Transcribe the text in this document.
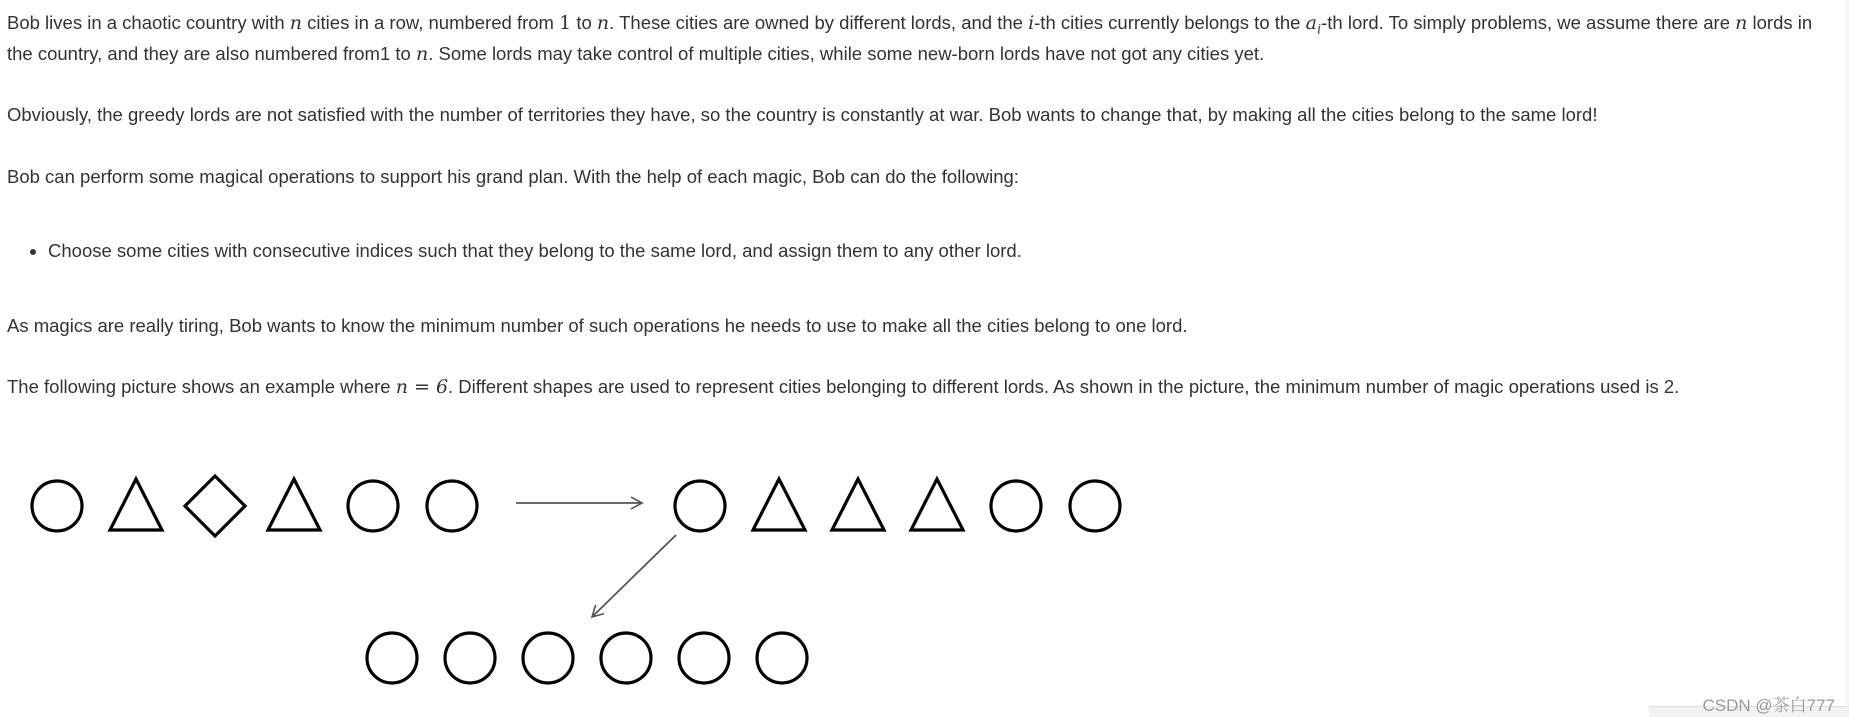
Bob lives in a chaotic country with n cities in a row, numbered from 1 to n. These cities are owned by different lords, and the i-th cities currently belongs to the $a_i-th$ lord. To simply problems, we assume there are n lords in the country, and they are also numbered from1 to n. Some lords may take control of multiple cities, while some new-born lords have not got any cities yet.

Obviously, the greedy lords are not satisfied with the number of territories they have, so the country is constantly at war. Bob wants to change that, by making all the cities belong to the same lord!

Bob can perform some magical operations to support his grand plan. With the help of each magic, Bob can do the following:

• Choose some cities with consecutive indices such that they belong to the same lord, and assign them to any other lord.

As magics are really tiring, Bob wants to know the minimum number of such operations he needs to use to make all the cities belong to one lord.

The following picture shows an example where n = 6. Different shapes are used to represent cities belonging to different lords. As shown in the picture, the minimum number of magic operations used is 2.

CSDN @茶白777
